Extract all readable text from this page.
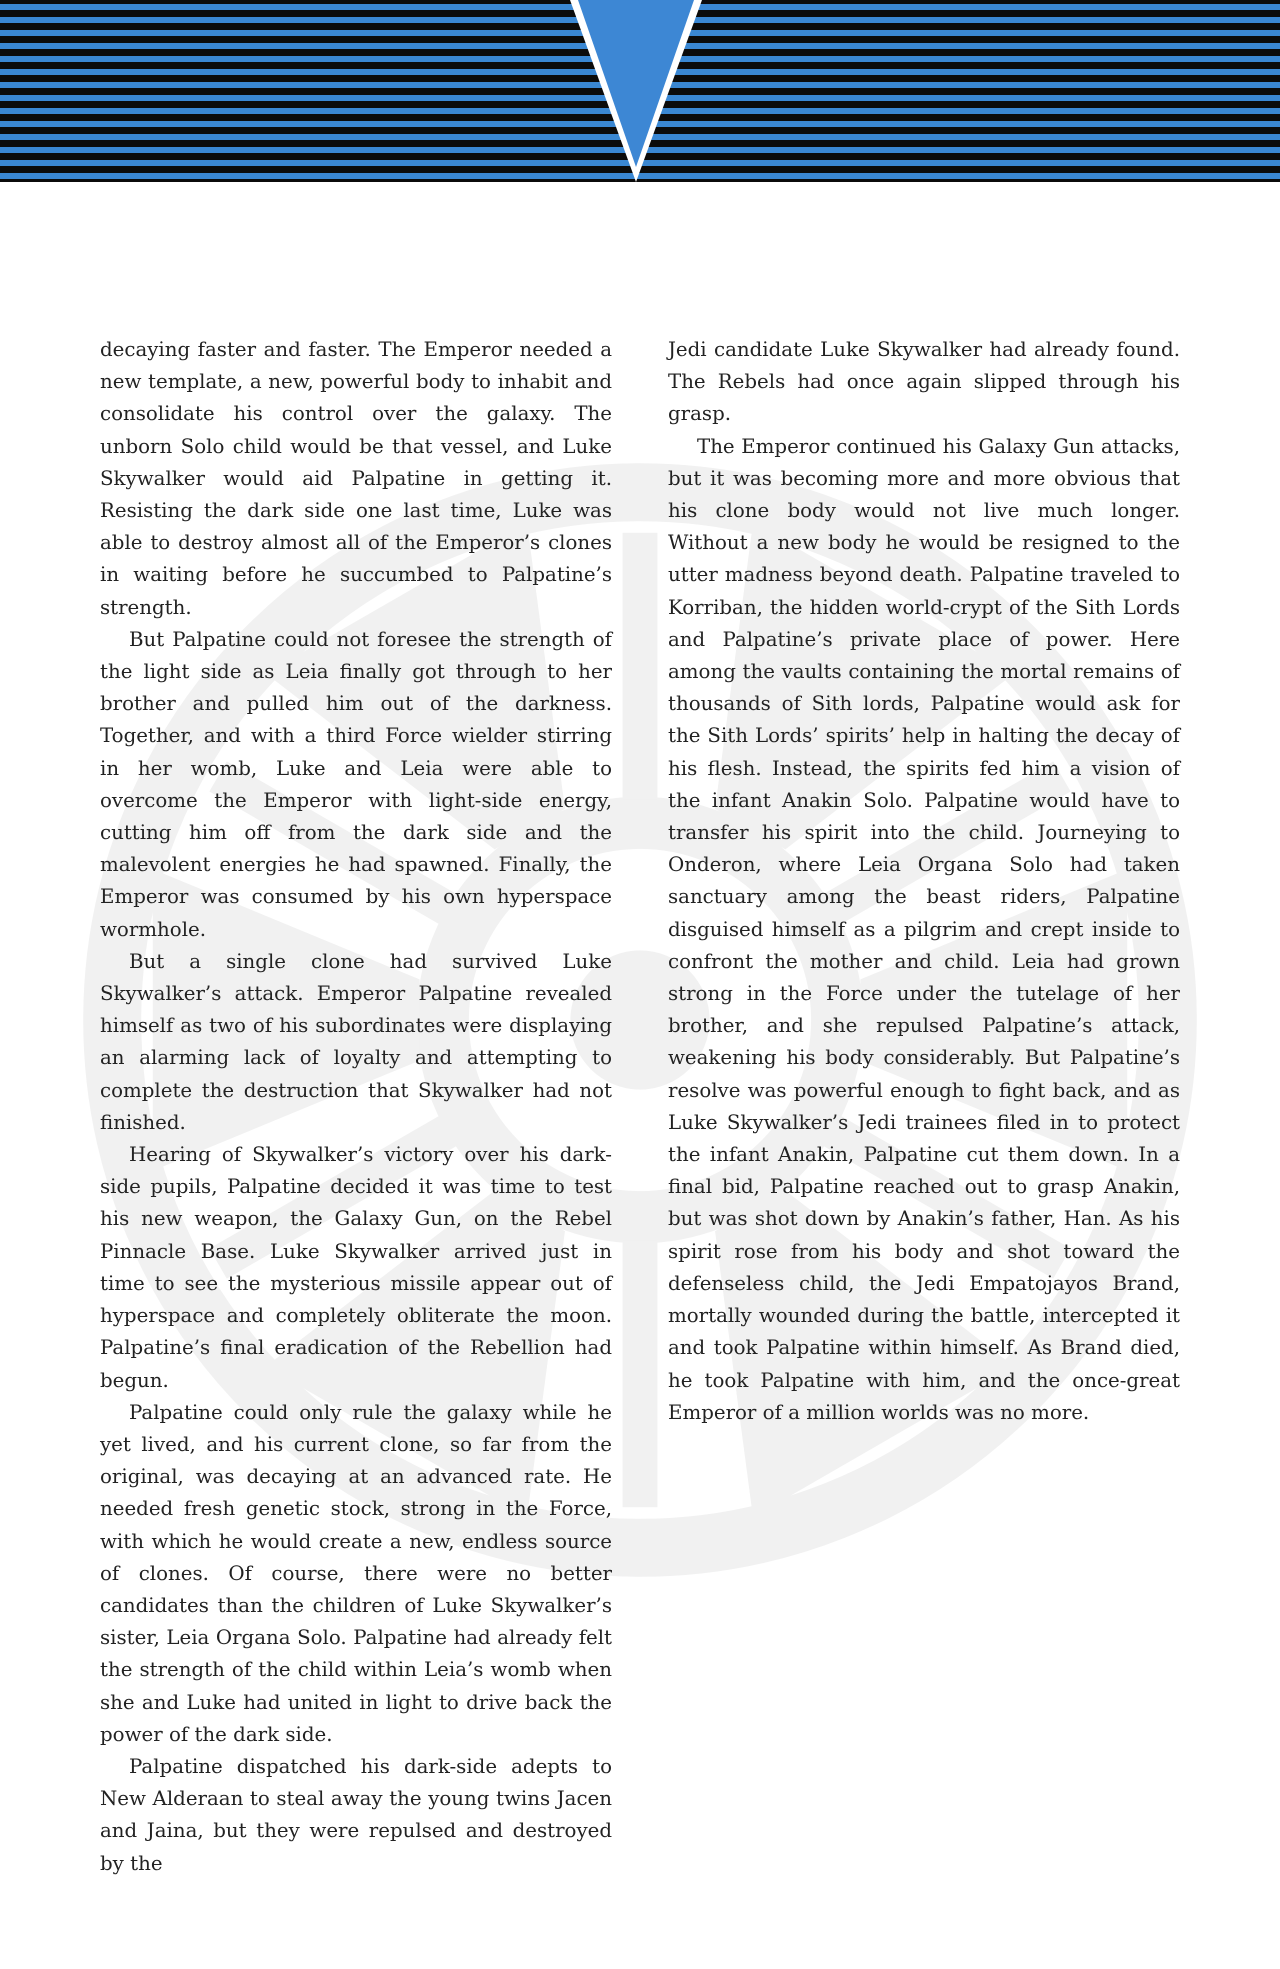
decaying faster and faster. The Emperor needed a new template, a new, powerful body to inhabit and consolidate his control over the galaxy. The unborn Solo child would be that vessel, and Luke Skywalker would aid Palpatine in getting it. Resisting the dark side one last time, Luke was able to destroy almost all of the Emperor’s clones in waiting before he succumbed to Palpatine’s strength.

But Palpatine could not foresee the strength of the light side as Leia finally got through to her brother and pulled him out of the darkness. Together, and with a third Force wielder stirring in her womb, Luke and Leia were able to overcome the Emperor with light-side energy, cutting him off from the dark side and the malevolent energies he had spawned. Finally, the Emperor was consumed by his own hyperspace wormhole.

But a single clone had survived Luke Skywalker’s attack. Emperor Palpatine revealed himself as two of his subordinates were displaying an alarming lack of loyalty and attempting to complete the destruction that Skywalker had not finished.

Hearing of Skywalker’s victory over his dark-side pupils, Palpatine decided it was time to test his new weapon, the Galaxy Gun, on the Rebel Pinnacle Base. Luke Skywalker arrived just in time to see the mysterious missile appear out of hyperspace and completely obliterate the moon. Palpatine’s final eradication of the Rebellion had begun.

Palpatine could only rule the galaxy while he yet lived, and his current clone, so far from the original, was decaying at an advanced rate. He needed fresh genetic stock, strong in the Force, with which he would create a new, endless source of clones. Of course, there were no better candidates than the children of Luke Skywalker’s sister, Leia Organa Solo. Palpatine had already felt the strength of the child within Leia’s womb when she and Luke had united in light to drive back the power of the dark side.

Palpatine dispatched his dark-side adepts to New Alderaan to steal away the young twins Jacen and Jaina, but they were repulsed and destroyed by the

Jedi candidate Luke Skywalker had already found. The Rebels had once again slipped through his grasp.

The Emperor continued his Galaxy Gun attacks, but it was becoming more and more obvious that his clone body would not live much longer. Without a new body he would be resigned to the utter madness beyond death. Palpatine traveled to Korriban, the hidden world-crypt of the Sith Lords and Palpatine’s private place of power. Here among the vaults containing the mortal remains of thousands of Sith lords, Palpatine would ask for the Sith Lords’ spirits’ help in halting the decay of his flesh. Instead, the spirits fed him a vision of the infant Anakin Solo. Palpatine would have to transfer his spirit into the child. Journeying to Onderon, where Leia Organa Solo had taken sanctuary among the beast riders, Palpatine disguised himself as a pilgrim and crept inside to confront the mother and child. Leia had grown strong in the Force under the tutelage of her brother, and she repulsed Palpatine’s attack, weakening his body considerably. But Palpatine’s resolve was powerful enough to fight back, and as Luke Skywalker’s Jedi trainees filed in to protect the infant Anakin, Palpatine cut them down. In a final bid, Palpatine reached out to grasp Anakin, but was shot down by Anakin’s father, Han. As his spirit rose from his body and shot toward the defenseless child, the Jedi Empatojayos Brand, mortally wounded during the battle, intercepted it and took Palpatine within himself. As Brand died, he took Palpatine with him, and the once-great Emperor of a million worlds was no more.
